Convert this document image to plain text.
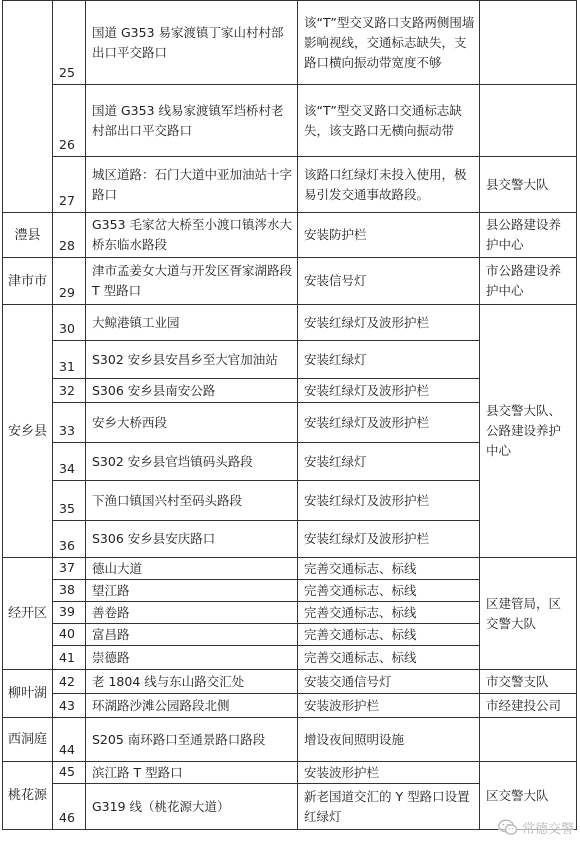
	25	国道 G353 易家渡镇丁家山村村部出口平交路口	该“T”型交叉路口支路两侧围墙影响视线，交通标志缺失，支路口横向振动带宽度不够	
	26	国道 G353 线易家渡镇军垱桥村老村部出口平交路口	该“T”型交叉路口交通标志缺失，该支路口无横向振动带	
	27	城区道路：石门大道中亚加油站十字路口	该路口红绿灯未投入使用，极易引发交通事故路段。	县交警大队
澧县	28	G353 毛家岔大桥至小渡口镇涔水大桥东临水路段	安装防护栏	县公路建设养护中心
津市市	29	津市孟姜女大道与开发区胥家湖路段 T 型路口	安装信号灯	市公路建设养护中心
安乡县	30	大鲸港镇工业园	安装红绿灯及波形护栏	县交警大队、公路建设养护中心
	31	S302 安乡县安昌乡至大官加油站	安装红绿灯	
	32	S306 安乡县南安公路	安装红绿灯及波形护栏	
	33	安乡大桥西段	安装红绿灯及波形护栏	
	34	S302 安乡县官垱镇码头路段	安装红绿灯	
	35	下渔口镇国兴村至码头路段	安装红绿灯及波形护栏	
	36	S306 安乡县安庆路口	安装红绿灯及波形护栏	
经开区	37	德山大道	完善交通标志、标线	区建管局，区交警大队
	38	望江路	完善交通标志、标线	
	39	善卷路	完善交通标志、标线	
	40	富昌路	完善交通标志、标线	
	41	崇德路	完善交通标志、标线	
柳叶湖	42	老 1804 线与东山路交汇处	安装交通信号灯	市交警支队
	43	环湖路沙滩公园路段北侧	安装波形护栏	市经建投公司
西洞庭	44	S205 南环路口至通景路口路段	增设夜间照明设施	
桃花源	45	滨江路 T 型路口	安装波形护栏	区交警大队
	46	G319 线（桃花源大道）	新老国道交汇的 Y 型路口设置红绿灯	
常德交警
